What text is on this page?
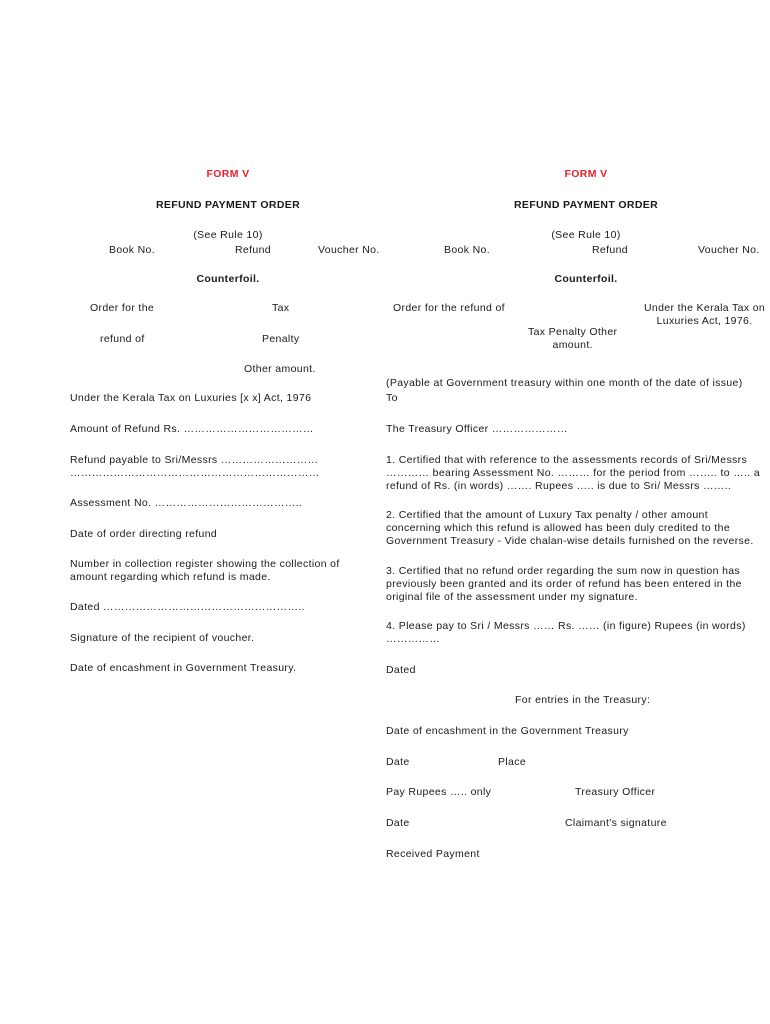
FORM V
REFUND PAYMENT ORDER
(See Rule 10)
Book No.	Refund	Voucher No.
Counterfoil.
Order for the	Tax
refund of	Penalty
Other amount.
Under the Kerala Tax on Luxuries [x x] Act, 1976
Amount of Refund Rs. ………………………………
Refund payable to Sri/Messrs ………………………
……………………………………………………………
Assessment No. …………………………………..
Date of order directing refund
Number in collection register showing the collection of
amount regarding which refund is made.
Dated ………………………………………………..
Signature of the recipient of voucher.
Date of encashment in Government Treasury.
FORM V
REFUND PAYMENT ORDER
(See Rule 10)
Book No.	Refund	Voucher No.
Counterfoil.
Order for the refund of	Under the Kerala Tax on
Luxuries Act, 1976.
Tax Penalty Other
amount.
(Payable at Government treasury within one month of the date of issue)
To
The Treasury Officer …………………
1. Certified that with reference to the assessments records of Sri/Messrs
………… bearing Assessment No. ……… for the period from …….. to ….. a
refund of Rs. (in words) ……. Rupees ….. is due to Sri/ Messrs ……..
2. Certified that the amount of Luxury Tax penalty / other amount
concerning which this refund is allowed has been duly credited to the
Government Treasury - Vide chalan-wise details furnished on the reverse.
3. Certified that no refund order regarding the sum now in question has
previously been granted and its order of refund has been entered in the
original file of the assessment under my signature.
4. Please pay to Sri / Messrs …… Rs. …… (in figure) Rupees (in words)
……………
Dated
For entries in the Treasury:
Date of encashment in the Government Treasury
Date	Place
Pay Rupees ….. only	Treasury Officer
Date	Claimant's signature
Received Payment
